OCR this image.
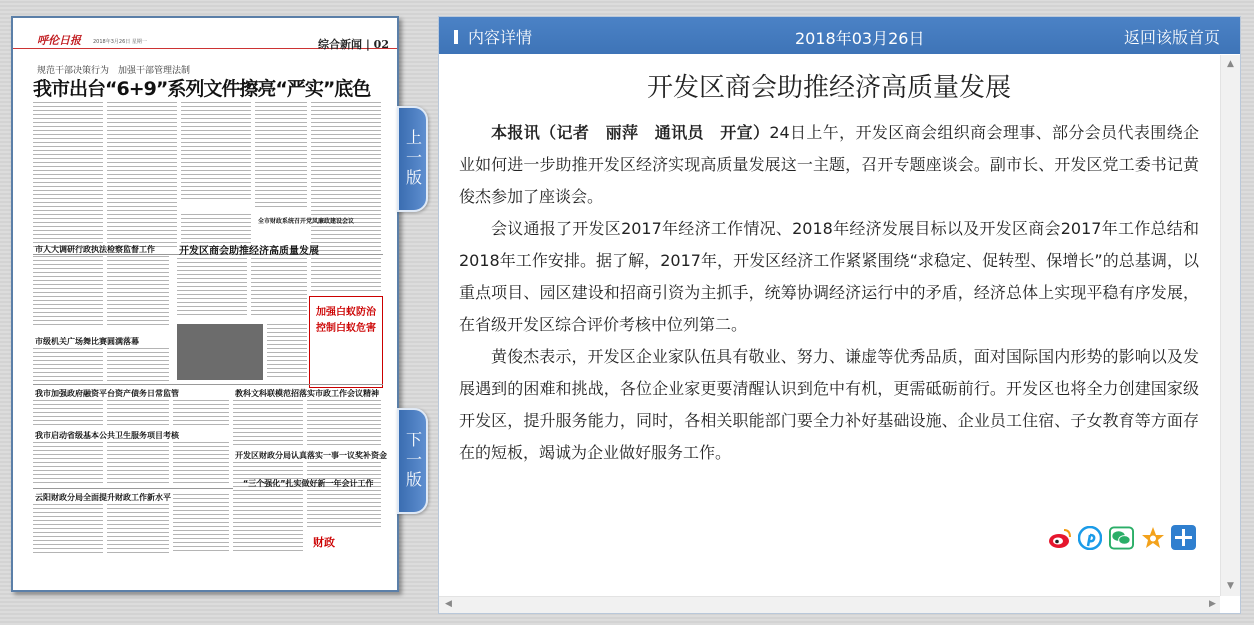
呼伦日报 2018年3月26日 星期一	综合新闻 | 02
规范干部决策行为　加强干部管理法制
我市出台“6+9”系列文件擦亮“严实”底色
全市财政系统召开党风廉政建设会议
市人大调研行政执法检察监督工作 开发区商会助推经济高质量发展
加强白蚁防治
控制白蚁危害
市级机关广场舞比赛圆满落幕
我市加强政府融资平台资产债务日常监管	教科文科联模范招落实市政工作会议精神
我市启动省级基本公共卫生服务项目考核
开发区财政分局认真落实一事一议奖补资金
云阳财政分局全面提升财政工作新水平
“三个强化”扎实做好新一年会计工作
财政
上一版
下一版
内容详情	2018年03月26日	返回该版首页
开发区商会助推经济高质量发展

本报讯（记者　丽萍　通讯员　开宣）24日上午，开发区商会组织商会理事、部分会员代表围绕企业如何进一步助推开发区经济实现高质量发展这一主题，召开专题座谈会。副市长、开发区党工委书记黄俊杰参加了座谈会。

会议通报了开发区2017年经济工作情况、2018年经济发展目标以及开发区商会2017年工作总结和2018年工作安排。据了解，2017年，开发区经济工作紧紧围绕“求稳定、促转型、保增长”的总基调，以重点项目、园区建设和招商引资为主抓手，统筹协调经济运行中的矛盾，经济总体上实现平稳有序发展，在省级开发区综合评价考核中位列第二。

黄俊杰表示，开发区企业家队伍具有敬业、努力、谦虚等优秀品质，面对国际国内形势的影响以及发展遇到的困难和挑战，各位企业家更要清醒认识到危中有机，更需砥砺前行。开发区也将全力创建国家级开发区，提升服务能力，同时，各相关职能部门要全力补好基础设施、企业员工住宿、子女教育等方面存在的短板，竭诚为企业做好服务工作。

▲
▼
◀	▶
